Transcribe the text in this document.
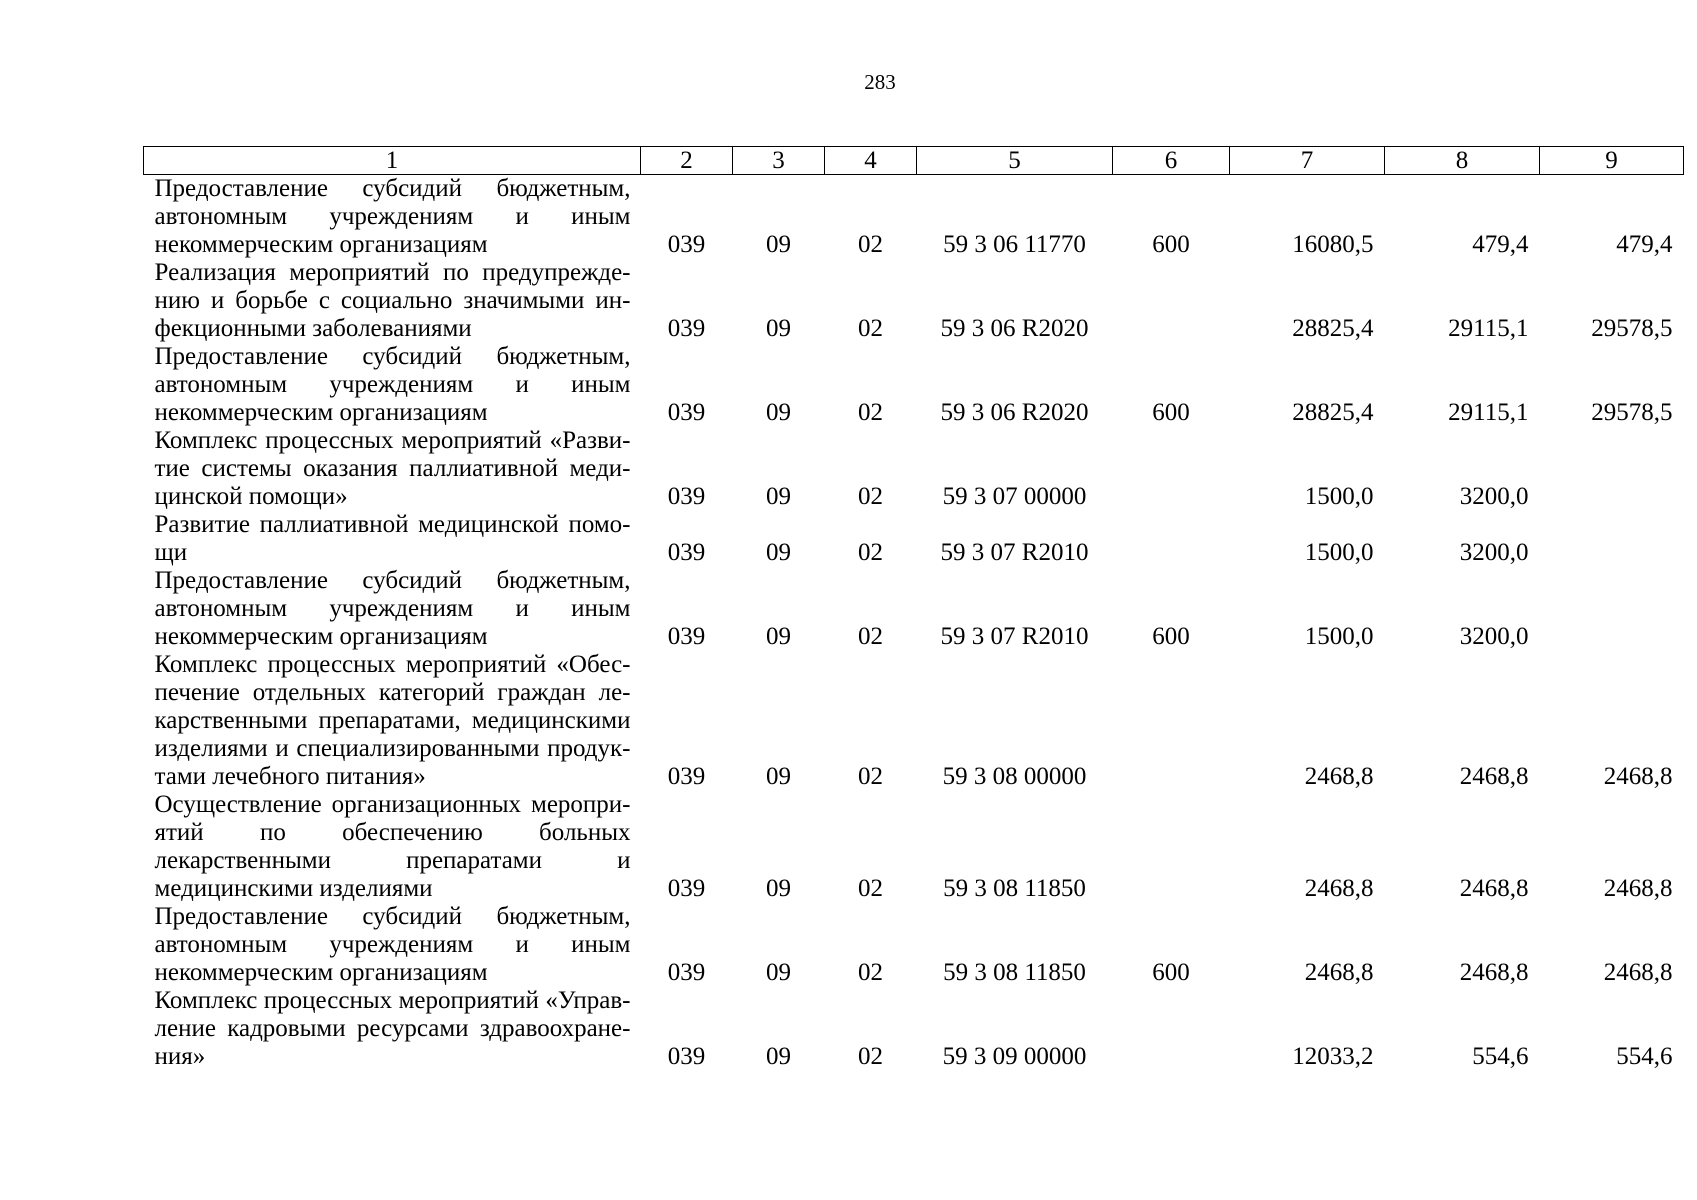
283
1	2	3	4	5	6	7	8	9
Предоставление субсидий бюджетным, автономным учреждениям и иным некоммерческим организациям	039	09	02	59 3 06 11770	600	16080,5	479,4	479,4
Реализация мероприятий по предупреждению и борьбе с социально значимыми инфекционными заболеваниями	039	09	02	59 3 06 R2020		28825,4	29115,1	29578,5
Предоставление субсидий бюджетным, автономным учреждениям и иным некоммерческим организациям	039	09	02	59 3 06 R2020	600	28825,4	29115,1	29578,5
Комплекс процессных мероприятий «Развитие системы оказания паллиативной медицинской помощи»	039	09	02	59 3 07 00000		1500,0	3200,0	
Развитие паллиативной медицинской помощи	039	09	02	59 3 07 R2010		1500,0	3200,0	
Предоставление субсидий бюджетным, автономным учреждениям и иным некоммерческим организациям	039	09	02	59 3 07 R2010	600	1500,0	3200,0	
Комплекс процессных мероприятий «Обеспечение отдельных категорий граждан лекарственными препаратами, медицинскими изделиями и специализированными продуктами лечебного питания»	039	09	02	59 3 08 00000		2468,8	2468,8	2468,8
Осуществление организационных мероприятий по обеспечению больных лекарственными препаратами и медицинскими изделиями	039	09	02	59 3 08 11850		2468,8	2468,8	2468,8
Предоставление субсидий бюджетным, автономным учреждениям и иным некоммерческим организациям	039	09	02	59 3 08 11850	600	2468,8	2468,8	2468,8
Комплекс процессных мероприятий «Управление кадровыми ресурсами здравоохранения»	039	09	02	59 3 09 00000		12033,2	554,6	554,6
